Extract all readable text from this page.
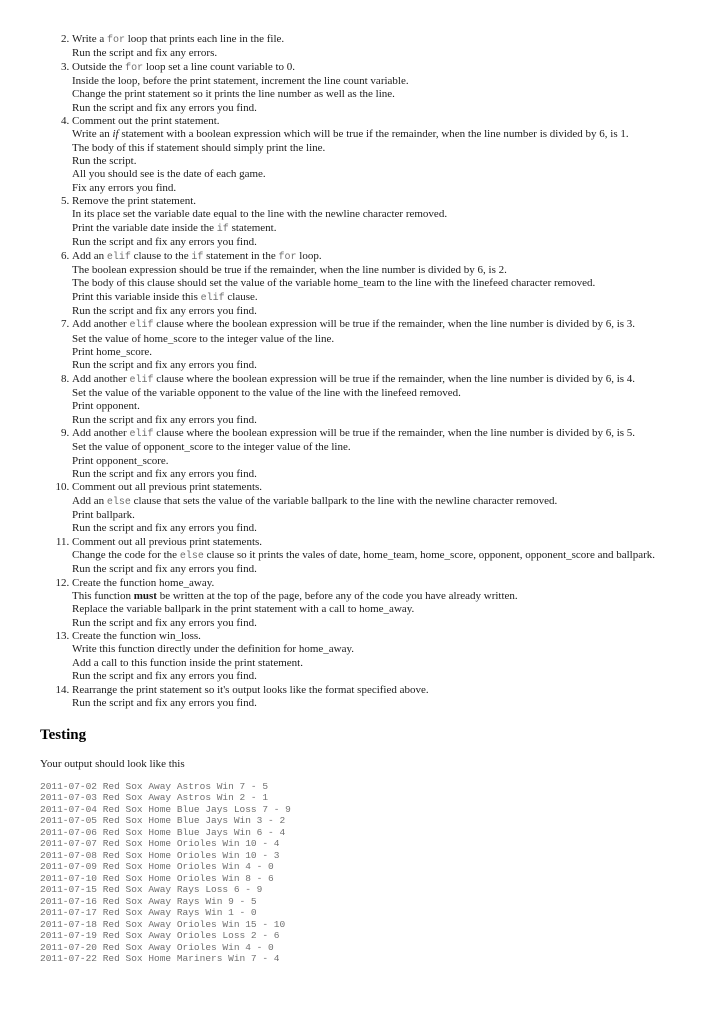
2. Write a for loop that prints each line in the file.
Run the script and fix any errors.
3. Outside the for loop set a line count variable to 0.
Inside the loop, before the print statement, increment the line count variable.
Change the print statement so it prints the line number as well as the line.
Run the script and fix any errors you find.
4. Comment out the print statement.
Write an if statement with a boolean expression which will be true if the remainder, when the line number is divided by 6, is 1.
The body of this if statement should simply print the line.
Run the script.
All you should see is the date of each game.
Fix any errors you find.
5. Remove the print statement.
In its place set the variable date equal to the line with the newline character removed.
Print the variable date inside the if statement.
Run the script and fix any errors you find.
6. Add an elif clause to the if statement in the for loop.
The boolean expression should be true if the remainder, when the line number is divided by 6, is 2.
The body of this clause should set the value of the variable home_team to the line with the linefeed character removed.
Print this variable inside this elif clause.
Run the script and fix any errors you find.
7. Add another elif clause where the boolean expression will be true if the remainder, when the line number is divided by 6, is 3.
Set the value of home_score to the integer value of the line.
Print home_score.
Run the script and fix any errors you find.
8. Add another elif clause where the boolean expression will be true if the remainder, when the line number is divided by 6, is 4.
Set the value of the variable opponent to the value of the line with the linefeed removed.
Print opponent.
Run the script and fix any errors you find.
9. Add another elif clause where the boolean expression will be true if the remainder, when the line number is divided by 6, is 5.
Set the value of opponent_score to the integer value of the line.
Print opponent_score.
Run the script and fix any errors you find.
10. Comment out all previous print statements.
Add an else clause that sets the value of the variable ballpark to the line with the newline character removed.
Print ballpark.
Run the script and fix any errors you find.
11. Comment out all previous print statements.
Change the code for the else clause so it prints the vales of date, home_team, home_score, opponent, opponent_score and ballpark.
Run the script and fix any errors you find.
12. Create the function home_away.
This function must be written at the top of the page, before any of the code you have already written.
Replace the variable ballpark in the print statement with a call to home_away.
Run the script and fix any errors you find.
13. Create the function win_loss.
Write this function directly under the definition for home_away.
Add a call to this function inside the print statement.
Run the script and fix any errors you find.
14. Rearrange the print statement so it's output looks like the format specified above.
Run the script and fix any errors you find.
Testing

Your output should look like this

2011-07-02 Red Sox Away Astros Win 7 - 5
2011-07-03 Red Sox Away Astros Win 2 - 1
2011-07-04 Red Sox Home Blue Jays Loss 7 - 9
2011-07-05 Red Sox Home Blue Jays Win 3 - 2
2011-07-06 Red Sox Home Blue Jays Win 6 - 4
2011-07-07 Red Sox Home Orioles Win 10 - 4
2011-07-08 Red Sox Home Orioles Win 10 - 3
2011-07-09 Red Sox Home Orioles Win 4 - 0
2011-07-10 Red Sox Home Orioles Win 8 - 6
2011-07-15 Red Sox Away Rays Loss 6 - 9
2011-07-16 Red Sox Away Rays Win 9 - 5
2011-07-17 Red Sox Away Rays Win 1 - 0
2011-07-18 Red Sox Away Orioles Win 15 - 10
2011-07-19 Red Sox Away Orioles Loss 2 - 6
2011-07-20 Red Sox Away Orioles Win 4 - 0
2011-07-22 Red Sox Home Mariners Win 7 - 4
